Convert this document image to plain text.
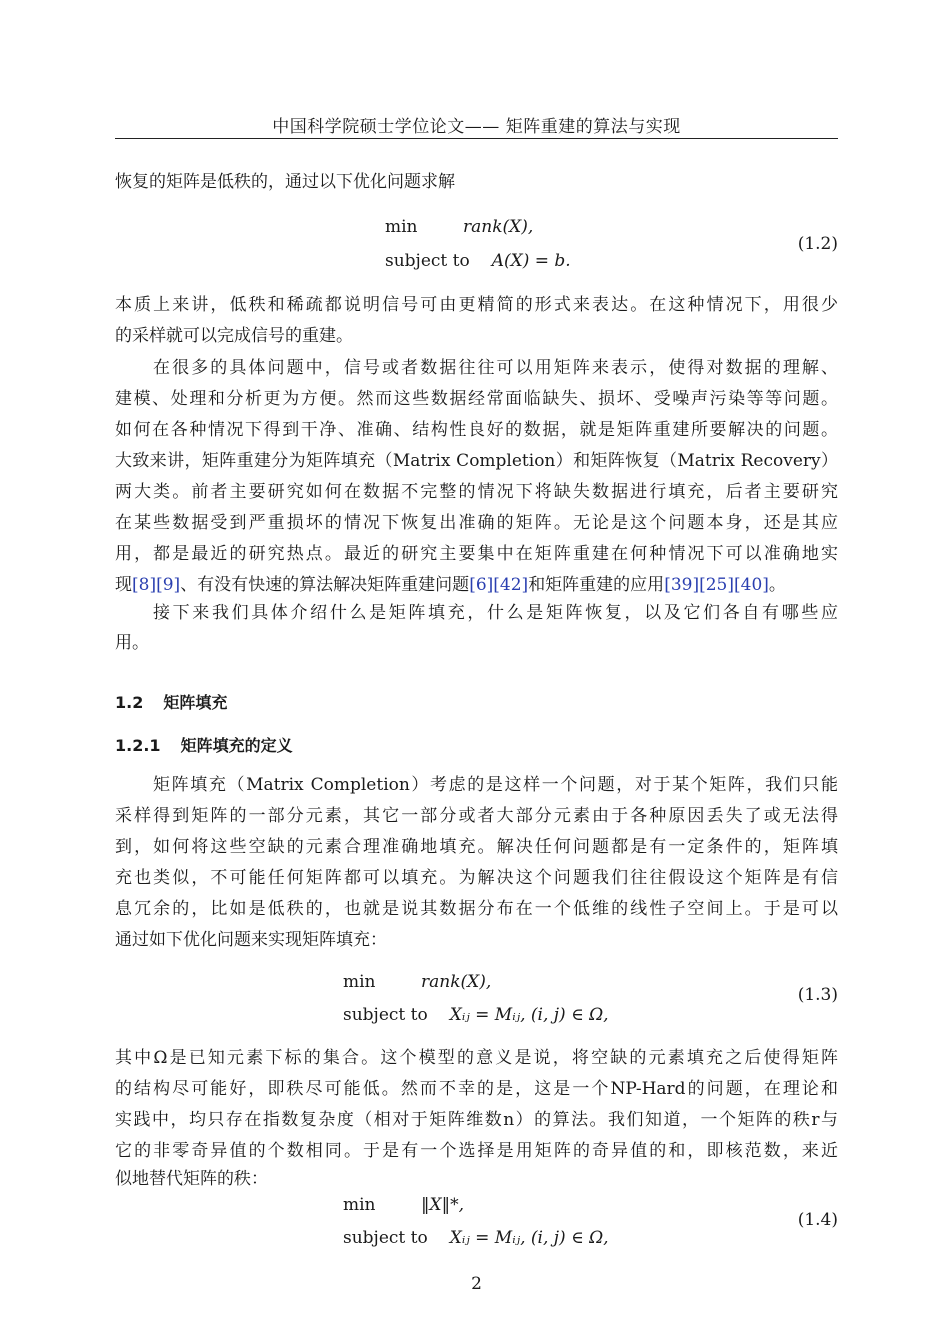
中国科学院硕士学位论文—— 矩阵重建的算法与实现
恢复的矩阵是低秩的，通过以下优化问题求解
min	rank(X),
subject to A(X) = b.
(1.2)
本质上来讲，低秩和稀疏都说明信号可由更精简的形式来表达。在这种情况下，用很少
的采样就可以完成信号的重建。
在很多的具体问题中，信号或者数据往往可以用矩阵来表示，使得对数据的理解、
建模、处理和分析更为方便。然而这些数据经常面临缺失、损坏、受噪声污染等等问题。
如何在各种情况下得到干净、准确、结构性良好的数据，就是矩阵重建所要解决的问题。
大致来讲，矩阵重建分为矩阵填充（Matrix Completion）和矩阵恢复（Matrix Recovery）
两大类。前者主要研究如何在数据不完整的情况下将缺失数据进行填充，后者主要研究
在某些数据受到严重损坏的情况下恢复出准确的矩阵。无论是这个问题本身，还是其应
用，都是最近的研究热点。最近的研究主要集中在矩阵重建在何种情况下可以准确地实
现[8][9]、有没有快速的算法解决矩阵重建问题[6][42]和矩阵重建的应用[39][25][40]。
接下来我们具体介绍什么是矩阵填充，什么是矩阵恢复，以及它们各自有哪些应
用。
1.2 矩阵填充
1.2.1 矩阵填充的定义
矩阵填充（Matrix Completion）考虑的是这样一个问题，对于某个矩阵，我们只能
采样得到矩阵的一部分元素，其它一部分或者大部分元素由于各种原因丢失了或无法得
到，如何将这些空缺的元素合理准确地填充。解决任何问题都是有一定条件的，矩阵填
充也类似，不可能任何矩阵都可以填充。为解决这个问题我们往往假设这个矩阵是有信
息冗余的，比如是低秩的，也就是说其数据分布在一个低维的线性子空间上。于是可以
通过如下优化问题来实现矩阵填充：
min	rank(X),
subject to Xᵢⱼ = Mᵢⱼ, (i, j) ∈ Ω,
(1.3)
其中Ω是已知元素下标的集合。这个模型的意义是说，将空缺的元素填充之后使得矩阵
的结构尽可能好，即秩尽可能低。然而不幸的是，这是一个NP-Hard的问题，在理论和
实践中，均只存在指数复杂度（相对于矩阵维数n）的算法。我们知道，一个矩阵的秩r与
它的非零奇异值的个数相同。于是有一个选择是用矩阵的奇异值的和，即核范数，来近
似地替代矩阵的秩：
min	‖X‖*,
subject to Xᵢⱼ = Mᵢⱼ, (i, j) ∈ Ω,
(1.4)
2
